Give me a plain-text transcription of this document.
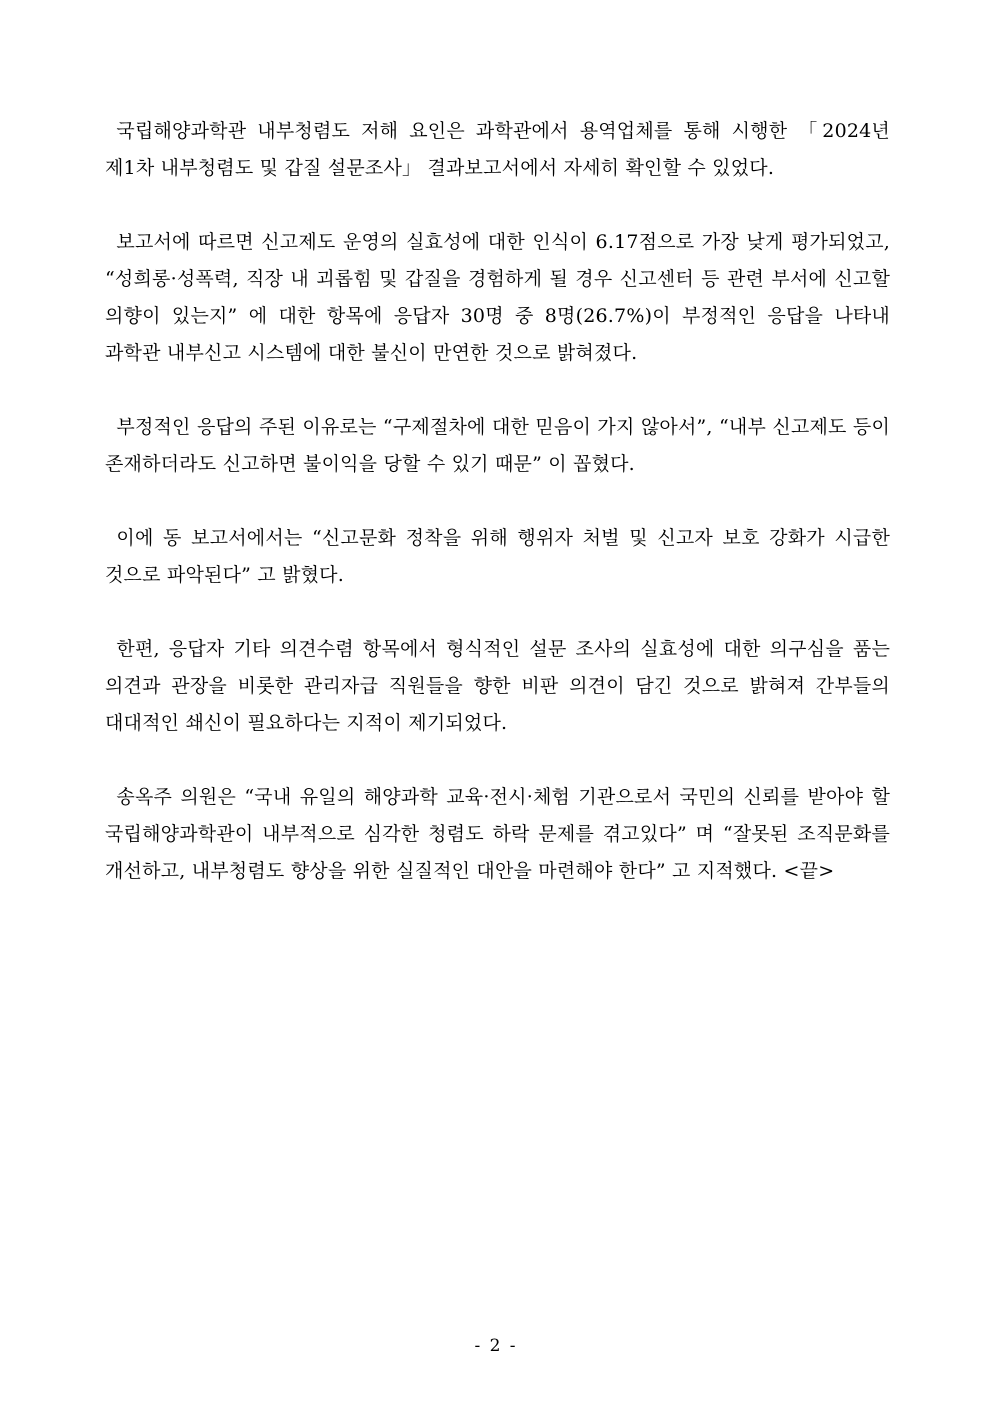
국립해양과학관 내부청렴도 저해 요인은 과학관에서 용역업체를 통해 시행한 「2024년 제1차 내부청렴도 및 갑질 설문조사」 결과보고서에서 자세히 확인할 수 있었다.

보고서에 따르면 신고제도 운영의 실효성에 대한 인식이 6.17점으로 가장 낮게 평가되었고, “성희롱·성폭력, 직장 내 괴롭힘 및 갑질을 경험하게 될 경우 신고센터 등 관련 부서에 신고할 의향이 있는지” 에 대한 항목에 응답자 30명 중 8명(26.7%)이 부정적인 응답을 나타내 과학관 내부신고 시스템에 대한 불신이 만연한 것으로 밝혀졌다.

부정적인 응답의 주된 이유로는 “구제절차에 대한 믿음이 가지 않아서”, “내부 신고제도 등이 존재하더라도 신고하면 불이익을 당할 수 있기 때문” 이 꼽혔다.

이에 동 보고서에서는 “신고문화 정착을 위해 행위자 처벌 및 신고자 보호 강화가 시급한 것으로 파악된다” 고 밝혔다.

한편, 응답자 기타 의견수렴 항목에서 형식적인 설문 조사의 실효성에 대한 의구심을 품는 의견과 관장을 비롯한 관리자급 직원들을 향한 비판 의견이 담긴 것으로 밝혀져 간부들의 대대적인 쇄신이 필요하다는 지적이 제기되었다.

송옥주 의원은 “국내 유일의 해양과학 교육·전시·체험 기관으로서 국민의 신뢰를 받아야 할 국립해양과학관이 내부적으로 심각한 청렴도 하락 문제를 겪고있다” 며 “잘못된 조직문화를 개선하고, 내부청렴도 향상을 위한 실질적인 대안을 마련해야 한다” 고 지적했다. <끝>

- 2 -
